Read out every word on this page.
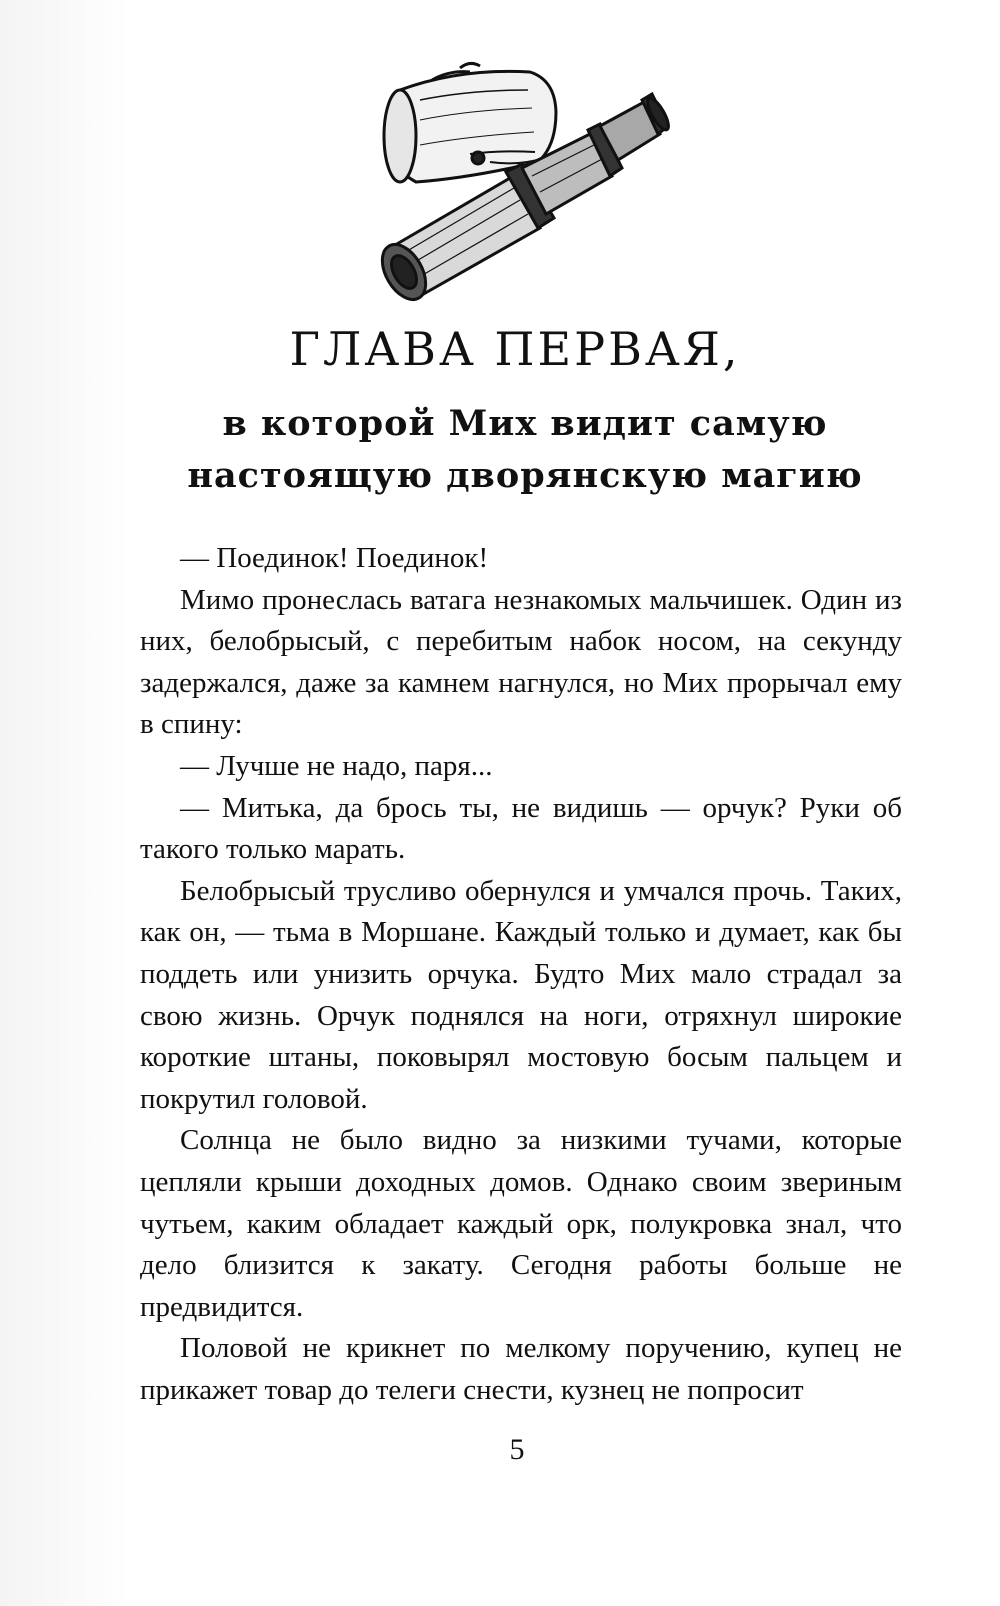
ГЛАВА ПЕРВАЯ,
в которой Мих видит самую настоящую дворянскую магию

— Поединок! Поединок!

Мимо пронеслась ватага незнакомых мальчишек. Один из них, белобрысый, с перебитым набок носом, на секунду задержался, даже за камнем нагнулся, но Мих прорычал ему в спину:

— Лучше не надо, паря...

— Митька, да брось ты, не видишь — орчук? Руки об такого только марать.

Белобрысый трусливо обернулся и умчался прочь. Таких, как он, — тьма в Моршане. Каждый только и думает, как бы поддеть или унизить орчука. Будто Мих мало страдал за свою жизнь. Орчук поднялся на ноги, отряхнул широкие короткие штаны, поковырял мостовую босым пальцем и покрутил головой.

Солнца не было видно за низкими тучами, которые цепляли крыши доходных домов. Однако своим звериным чутьем, каким обладает каждый орк, полукровка знал, что дело близится к закату. Сегодня работы больше не предвидится.

Половой не крикнет по мелкому поручению, купец не прикажет товар до телеги снести, кузнец не попросит

5
